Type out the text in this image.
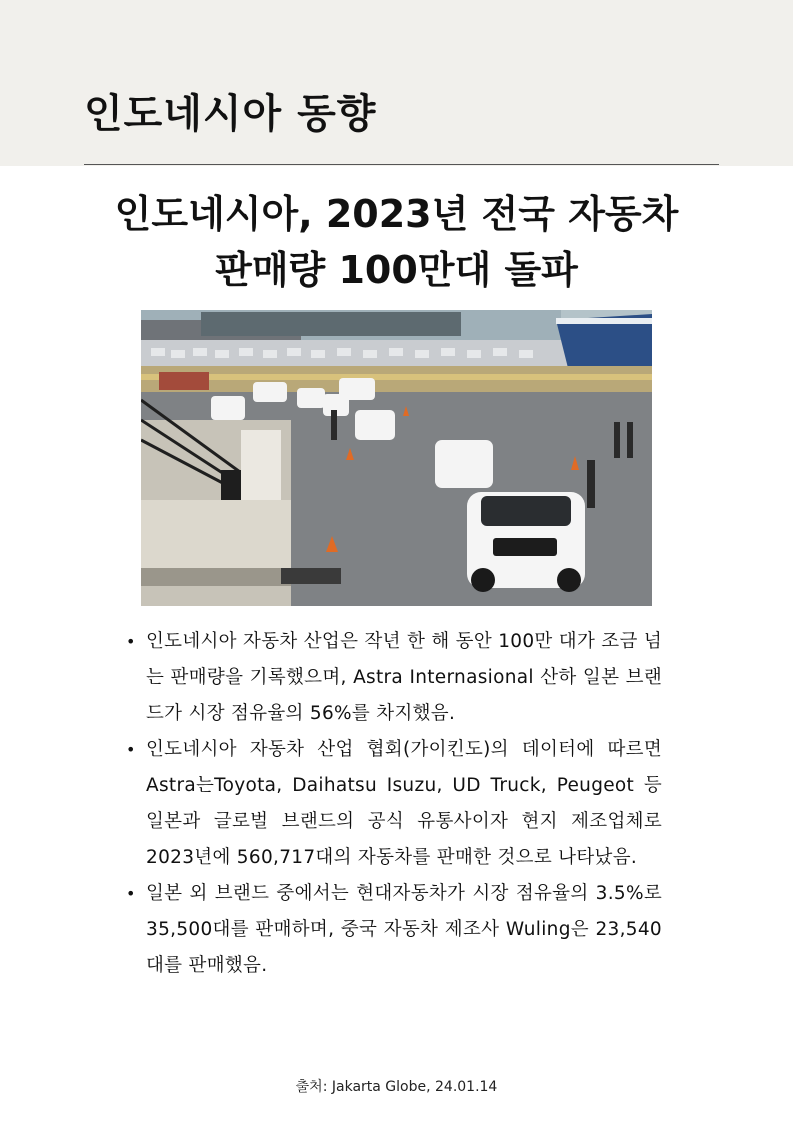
인도네시아 동향
인도네시아, 2023년 전국 자동차
판매량 100만대 돌파
• 인도네시아 자동차 산업은 작년 한 해 동안 100만 대가 조금 넘는 판매량을 기록했으며, Astra Internasional 산하 일본 브랜드가 시장 점유율의 56%를 차지했음.
• 인도네시아 자동차 산업 협회(가이킨도)의 데이터에 따르면 Astra는Toyota, Daihatsu Isuzu, UD Truck, Peugeot 등 일본과 글로벌 브랜드의 공식 유통사이자 현지 제조업체로 2023년에 560,717대의 자동차를 판매한 것으로 나타났음.
• 일본 외 브랜드 중에서는 현대자동차가 시장 점유율의 3.5%로 35,500대를 판매하며, 중국 자동차 제조사 Wuling은 23,540대를 판매했음.
출처: Jakarta Globe, 24.01.14
